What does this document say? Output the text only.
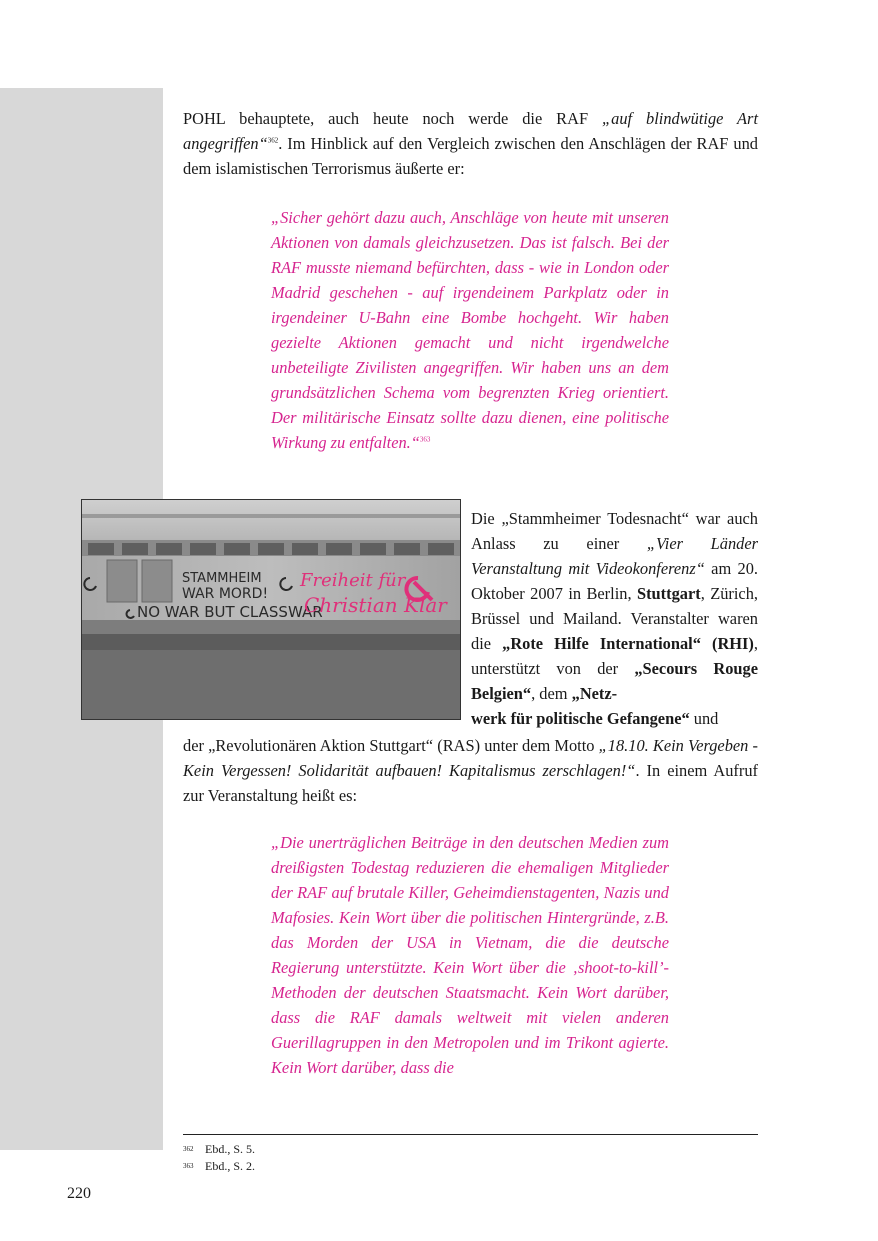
POHL behauptete, auch heute noch werde die RAF „auf blindwütige Art angegriffen“$^{362}$. Im Hinblick auf den Vergleich zwischen den Anschlägen der RAF und dem islamistischen Terrorismus äußerte er:
„Sicher gehört dazu auch, Anschläge von heute mit unseren Aktionen von damals gleichzusetzen. Das ist falsch. Bei der RAF musste niemand befürchten, dass - wie in London oder Madrid geschehen - auf irgendeinem Parkplatz oder in irgendeiner U-Bahn eine Bombe hochgeht. Wir haben gezielte Aktionen gemacht und nicht irgendwelche unbeteiligte Zivilisten angegriffen. Wir haben uns an dem grundsätzlichen Schema vom begrenzten Krieg orientiert. Der militärische Einsatz sollte dazu dienen, eine politische Wirkung zu entfalten.“$^{363}$
STAMMHEIM
WAR MORD!
NO WAR BUT CLASSWAR
Freiheit für
Christian Klar
Die „Stammheimer Todesnacht“ war auch Anlass zu einer „Vier Länder Veranstaltung mit Videokonferenz“ am 20. Oktober 2007 in Berlin, Stuttgart, Zürich, Brüssel und Mailand. Veranstalter waren die „Rote Hilfe International“ (RHI), unterstützt von der „Secours Rouge Belgien“, dem „Netz-
werk für politische Gefangene“ und
der „Revolutionären Aktion Stuttgart“ (RAS) unter dem Motto „18.10. Kein Vergeben - Kein Vergessen! Solidarität aufbauen! Kapitalismus zerschlagen!“. In einem Aufruf zur Veranstaltung heißt es:
„Die unerträglichen Beiträge in den deutschen Medien zum dreißigsten Todestag reduzieren die ehemaligen Mitglieder der RAF auf brutale Killer, Geheimdienstagenten, Nazis und Mafosies. Kein Wort über die politischen Hintergründe, z.B. das Morden der USA in Vietnam, die die deutsche Regierung unterstützte. Kein Wort über die ‚shoot-to-kill’-Methoden der deutschen Staatsmacht. Kein Wort darüber, dass die RAF damals weltweit mit vielen anderen Guerillagruppen in den Metropolen und im Trikont agierte. Kein Wort darüber, dass die
362 Ebd., S. 5.
363 Ebd., S. 2.
220
